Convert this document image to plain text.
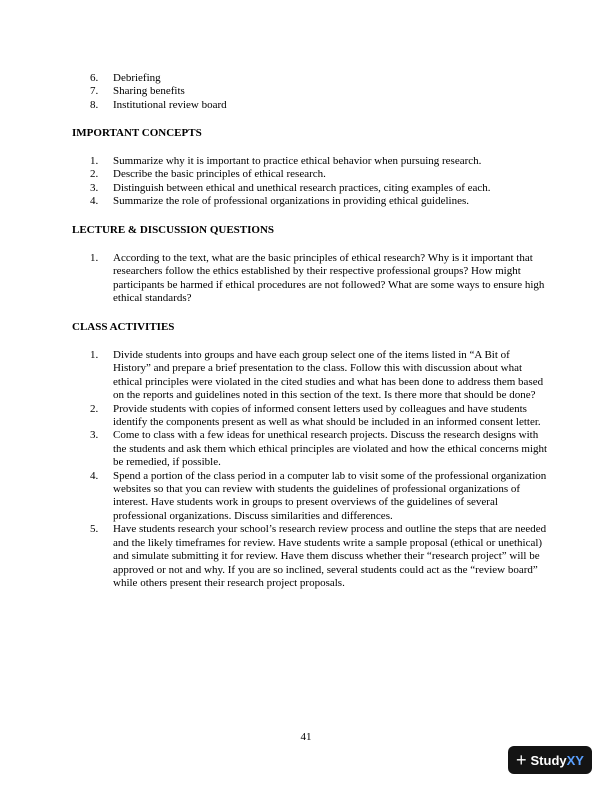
6.	Debriefing
7.	Sharing benefits
8.	Institutional review board
IMPORTANT CONCEPTS
1.	Summarize why it is important to practice ethical behavior when pursuing research.
2.	Describe the basic principles of ethical research.
3.	Distinguish between ethical and unethical research practices, citing examples of each.
4.	Summarize the role of professional organizations in providing ethical guidelines.
LECTURE & DISCUSSION QUESTIONS
1.	According to the text, what are the basic principles of ethical research? Why is it important that researchers follow the ethics established by their respective professional groups? How might participants be harmed if ethical procedures are not followed? What are some ways to ensure high ethical standards?
CLASS ACTIVITIES
1.	Divide students into groups and have each group select one of the items listed in “A Bit of History” and prepare a brief presentation to the class. Follow this with discussion about what ethical principles were violated in the cited studies and what has been done to address them based on the reports and guidelines noted in this section of the text. Is there more that should be done?
2.	Provide students with copies of informed consent letters used by colleagues and have students identify the components present as well as what should be included in an informed consent letter.
3.	Come to class with a few ideas for unethical research projects. Discuss the research designs with the students and ask them which ethical principles are violated and how the ethical concerns might be remedied, if possible.
4.	Spend a portion of the class period in a computer lab to visit some of the professional organization websites so that you can review with students the guidelines of professional organizations of interest. Have students work in groups to present overviews of the guidelines of several professional organizations. Discuss similarities and differences.
5.	Have students research your school’s research review process and outline the steps that are needed and the likely timeframes for review. Have students write a sample proposal (ethical or unethical) and simulate submitting it for review. Have them discuss whether their “research project” will be approved or not and why. If you are so inclined, several students could act as the “review board” while others present their research project proposals.
41
+ Study XY
